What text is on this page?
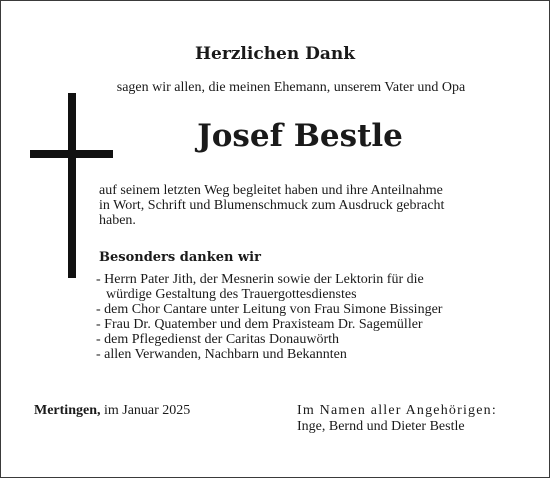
Herzlichen Dank
sagen wir allen, die meinen Ehemann, unserem Vater und Opa
Josef Bestle
auf seinem letzten Weg begleitet haben und ihre Anteilnahme
in Wort, Schrift und Blumenschmuck zum Ausdruck gebracht
haben.
Besonders danken wir
- Herrn Pater Jith, der Mesnerin sowie der Lektorin für die
würdige Gestaltung des Trauergottesdienstes
- dem Chor Cantare unter Leitung von Frau Simone Bissinger
- Frau Dr. Quatember und dem Praxisteam Dr. Sagemüller
- dem Pflegedienst der Caritas Donauwörth
- allen Verwanden, Nachbarn und Bekannten
Mertingen, im Januar 2025	Im Namen aller Angehörigen:
Inge, Bernd und Dieter Bestle
